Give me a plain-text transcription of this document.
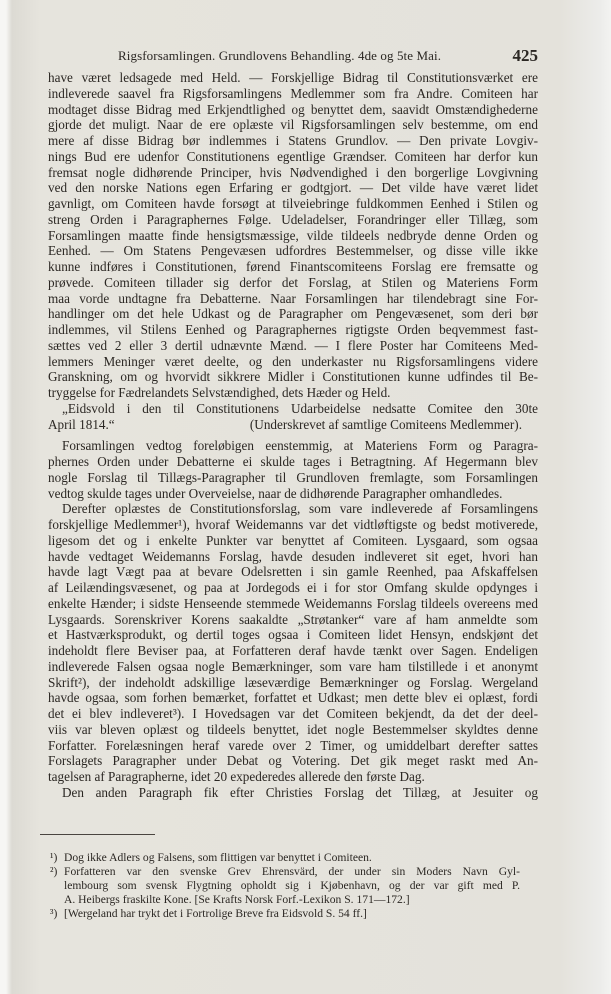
Rigsforsamlingen. Grundlovens Behandling. 4de og 5te Mai.	425
have været ledsagede med Held. — Forskjellige Bidrag til Constitutionsværket ere
indleverede saavel fra Rigsforsamlingens Medlemmer som fra Andre. Comiteen har
modtaget disse Bidrag med Erkjendtlighed og benyttet dem, saavidt Omstændighederne
gjorde det muligt. Naar de ere oplæste vil Rigsforsamlingen selv bestemme, om end
mere af disse Bidrag bør indlemmes i Statens Grundlov. — Den private Lovgiv-
nings Bud ere udenfor Constitutionens egentlige Grændser. Comiteen har derfor kun
fremsat nogle didhørende Principer, hvis Nødvendighed i den borgerlige Lovgivning
ved den norske Nations egen Erfaring er godtgjort. — Det vilde have været lidet
gavnligt, om Comiteen havde forsøgt at tilveiebringe fuldkommen Eenhed i Stilen og
streng Orden i Paragraphernes Følge. Udeladelser, Forandringer eller Tillæg, som
Forsamlingen maatte finde hensigtsmæssige, vilde tildeels nedbryde denne Orden og
Eenhed. — Om Statens Pengevæsen udfordres Bestemmelser, og disse ville ikke
kunne indføres i Constitutionen, førend Finantscomiteens Forslag ere fremsatte og
prøvede. Comiteen tillader sig derfor det Forslag, at Stilen og Materiens Form
maa vorde undtagne fra Debatterne. Naar Forsamlingen har tilendebragt sine For-
handlinger om det hele Udkast og de Paragrapher om Pengevæsenet, som deri bør
indlemmes, vil Stilens Eenhed og Paragraphernes rigtigste Orden beqvemmest fast-
sættes ved 2 eller 3 dertil udnævnte Mænd. — I flere Poster har Comiteens Med-
lemmers Meninger været deelte, og den underkaster nu Rigsforsamlingens videre
Granskning, om og hvorvidt sikkrere Midler i Constitutionen kunne udfindes til Be-
tryggelse for Fædrelandets Selvstændighed, dets Hæder og Held.
„Eidsvold i den til Constitutionens Udarbeidelse nedsatte Comitee den 30te
April 1814.“	(Underskrevet af samtlige Comiteens Medlemmer).
Forsamlingen vedtog foreløbigen eenstemmig, at Materiens Form og Paragra-
phernes Orden under Debatterne ei skulde tages i Betragtning. Af Hegermann blev
nogle Forslag til Tillægs-Paragrapher til Grundloven fremlagte, som Forsamlingen
vedtog skulde tages under Overveielse, naar de didhørende Paragrapher omhandledes.
Derefter oplæstes de Constitutionsforslag, som vare indleverede af Forsamlingens
forskjellige Medlemmer¹), hvoraf Weidemanns var det vidtløftigste og bedst motiverede,
ligesom det og i enkelte Punkter var benyttet af Comiteen. Lysgaard, som ogsaa
havde vedtaget Weidemanns Forslag, havde desuden indleveret sit eget, hvori han
havde lagt Vægt paa at bevare Odelsretten i sin gamle Reenhed, paa Afskaffelsen
af Leilændingsvæsenet, og paa at Jordegods ei i for stor Omfang skulde opdynges i
enkelte Hænder; i sidste Henseende stemmede Weidemanns Forslag tildeels overeens med
Lysgaards. Sorenskriver Korens saakaldte „Strøtanker“ vare af ham anmeldte som
et Hastværksprodukt, og dertil toges ogsaa i Comiteen lidet Hensyn, endskjønt det
indeholdt flere Beviser paa, at Forfatteren deraf havde tænkt over Sagen. Endeligen
indleverede Falsen ogsaa nogle Bemærkninger, som vare ham tilstillede i et anonymt
Skrift²), der indeholdt adskillige læseværdige Bemærkninger og Forslag. Wergeland
havde ogsaa, som forhen bemærket, forfattet et Udkast; men dette blev ei oplæst, fordi
det ei blev indleveret³). I Hovedsagen var det Comiteen bekjendt, da det der deel-
viis var bleven oplæst og tildeels benyttet, idet nogle Bestemmelser skyldtes denne
Forfatter. Forelæsningen heraf varede over 2 Timer, og umiddelbart derefter sattes
Forslagets Paragrapher under Debat og Votering. Det gik meget raskt med An-
tagelsen af Paragrapherne, idet 20 expederedes allerede den første Dag.
Den anden Paragraph fik efter Christies Forslag det Tillæg, at Jesuiter og
¹) Dog ikke Adlers og Falsens, som flittigen var benyttet i Comiteen.
²) Forfatteren var den svenske Grev Ehrensvärd, der under sin Moders Navn Gyl-
lembourg som svensk Flygtning opholdt sig i Kjøbenhavn, og der var gift med P.
A. Heibergs fraskilte Kone. [Se Krafts Norsk Forf.-Lexikon S. 171—172.]
³) [Wergeland har trykt det i Fortrolige Breve fra Eidsvold S. 54 ff.]
